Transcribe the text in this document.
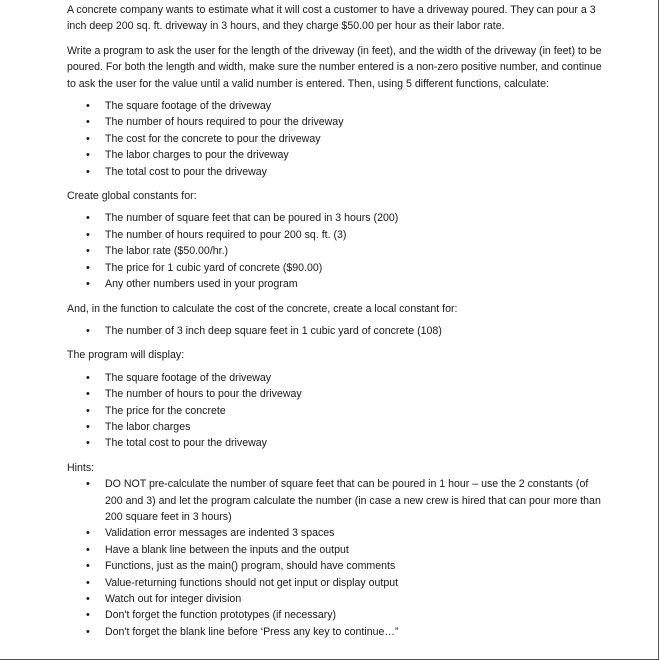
A concrete company wants to estimate what it will cost a customer to have a driveway poured. They can pour a 3 inch deep 200 sq. ft. driveway in 3 hours, and they charge $50.00 per hour as their labor rate.

Write a program to ask the user for the length of the driveway (in feet), and the width of the driveway (in feet) to be poured. For both the length and width, make sure the number entered is a non-zero positive number, and continue to ask the user for the value until a valid number is entered. Then, using 5 different functions, calculate:

• The square footage of the driveway
• The number of hours required to pour the driveway
• The cost for the concrete to pour the driveway
• The labor charges to pour the driveway
• The total cost to pour the driveway

Create global constants for:

• The number of square feet that can be poured in 3 hours (200)
• The number of hours required to pour 200 sq. ft. (3)
• The labor rate ($50.00/hr.)
• The price for 1 cubic yard of concrete ($90.00)
• Any other numbers used in your program

And, in the function to calculate the cost of the concrete, create a local constant for:

• The number of 3 inch deep square feet in 1 cubic yard of concrete (108)

The program will display:

• The square footage of the driveway
• The number of hours to pour the driveway
• The price for the concrete
• The labor charges
• The total cost to pour the driveway

Hints:

• DO NOT pre-calculate the number of square feet that can be poured in 1 hour – use the 2 constants (of 200 and 3) and let the program calculate the number (in case a new crew is hired that can pour more than 200 square feet in 3 hours)
• Validation error messages are indented 3 spaces
• Have a blank line between the inputs and the output
• Functions, just as the main() program, should have comments
• Value-returning functions should not get input or display output
• Watch out for integer division
• Don't forget the function prototypes (if necessary)
• Don't forget the blank line before ‘Press any key to continue…”
